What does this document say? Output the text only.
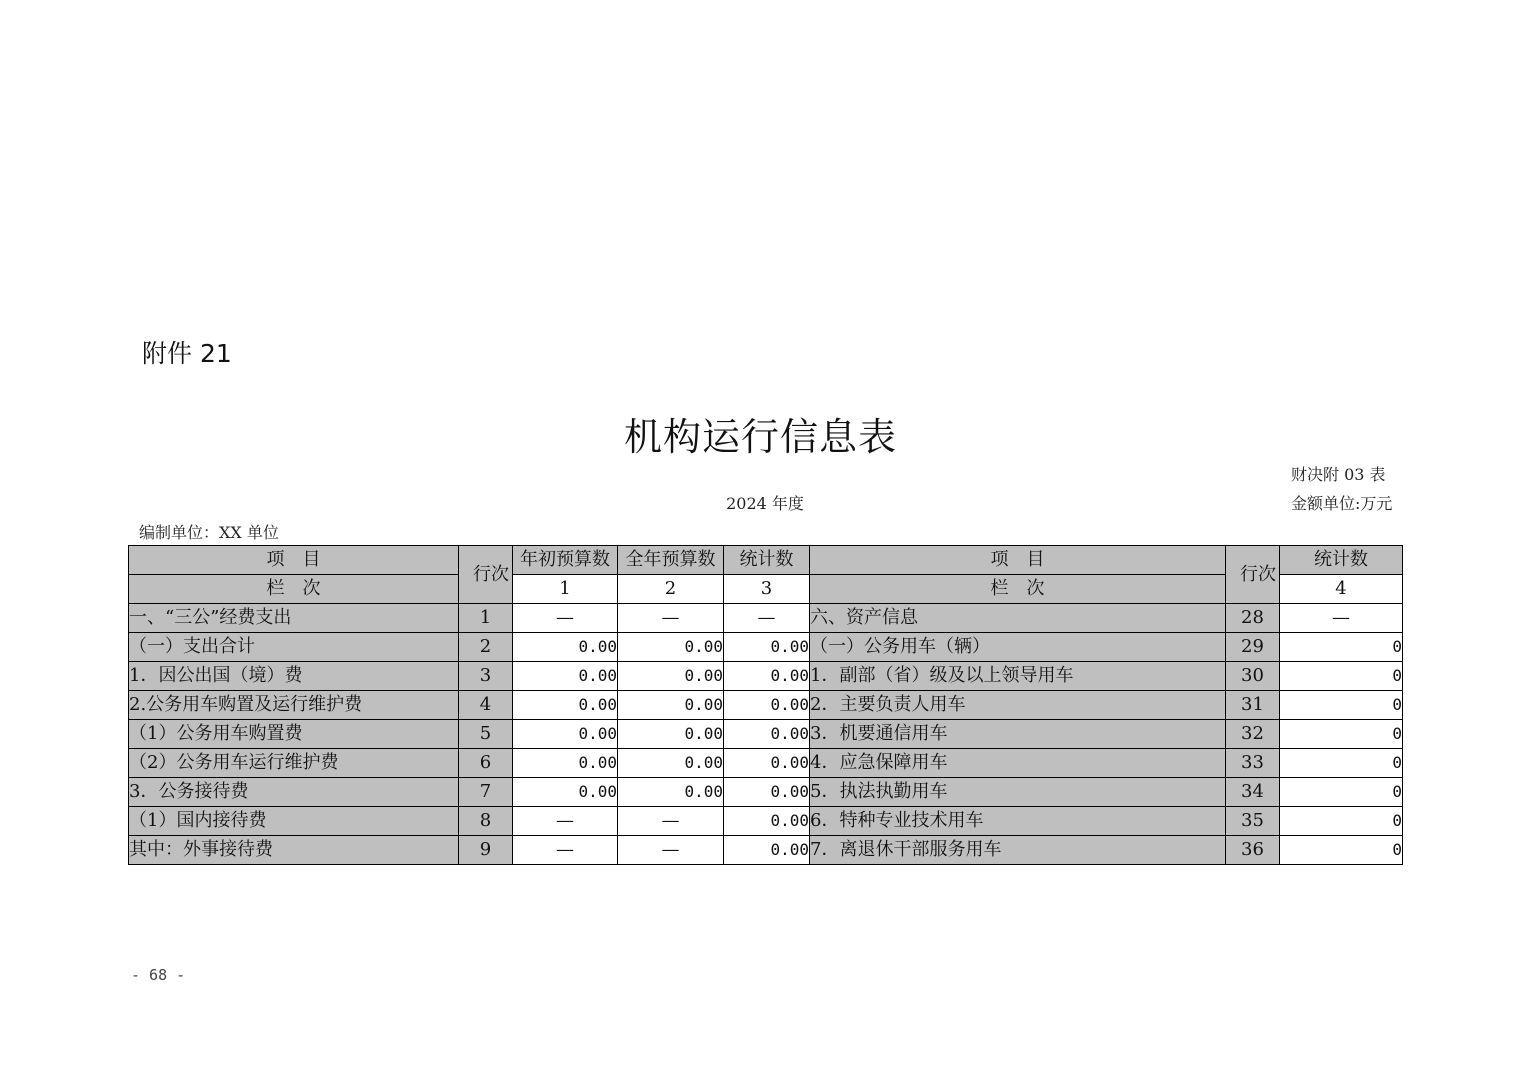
附件 21
机构运行信息表
财决附 03 表
金额单位:万元
2024 年度
编制单位：XX 单位
项　目	行次	年初预算数	全年预算数	统计数	项　目	行次	统计数
栏　次		1	2	3	栏　次		4
一、“三公”经费支出	1	—	—	—	六、资产信息	28	—
（一）支出合计	2	0.00	0.00	0.00	（一）公务用车（辆）	29	0
1．因公出国（境）费	3	0.00	0.00	0.00	1．副部（省）级及以上领导用车	30	0
2.公务用车购置及运行维护费	4	0.00	0.00	0.00	2．主要负责人用车	31	0
（1）公务用车购置费	5	0.00	0.00	0.00	3．机要通信用车	32	0
（2）公务用车运行维护费	6	0.00	0.00	0.00	4．应急保障用车	33	0
3．公务接待费	7	0.00	0.00	0.00	5．执法执勤用车	34	0
（1）国内接待费	8	—	—	0.00	6．特种专业技术用车	35	0
其中：外事接待费	9	—	—	0.00	7．离退休干部服务用车	36	0
- 68 -
